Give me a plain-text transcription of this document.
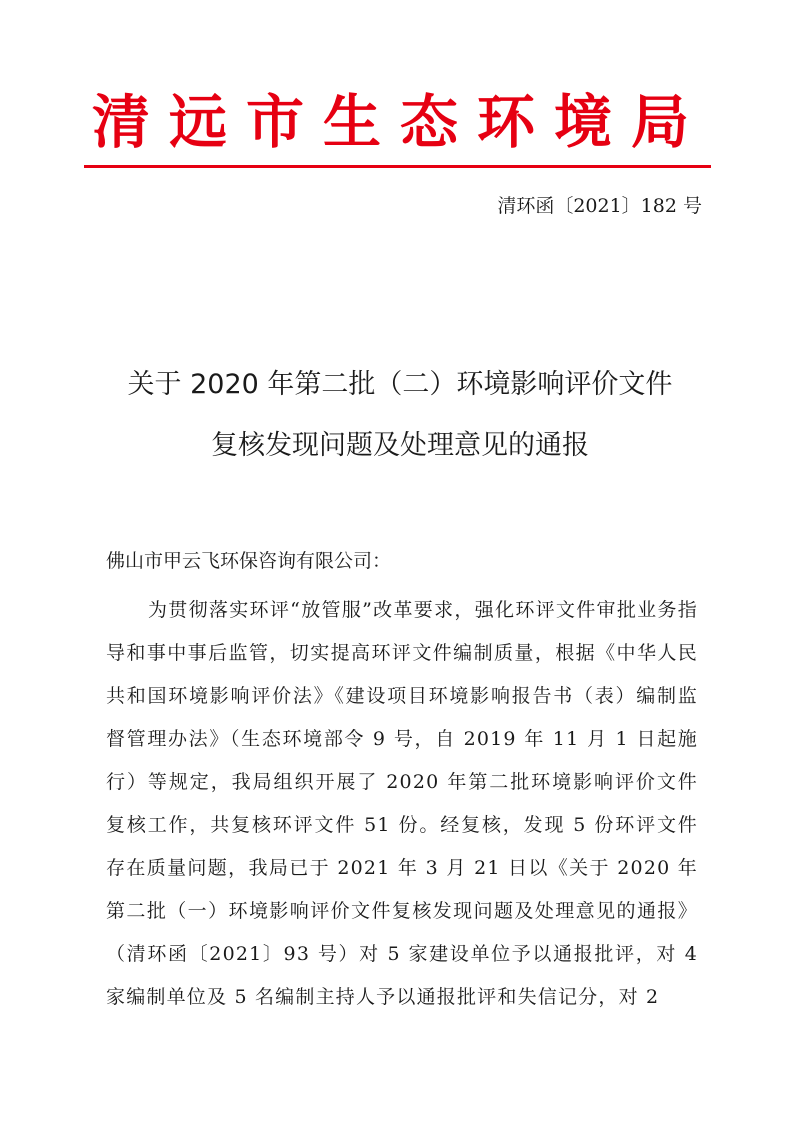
清远市生态环境局
清环函〔2021〕182 号
关于 2020 年第二批（二）环境影响评价文件
复核发现问题及处理意见的通报
佛山市甲云飞环保咨询有限公司：

为贯彻落实环评“放管服”改革要求，强化环评文件审批业务指导和事中事后监管，切实提高环评文件编制质量，根据《中华人民共和国环境影响评价法》《建设项目环境影响报告书（表）编制监督管理办法》（生态环境部令 9 号，自 2019 年 11 月 1 日起施行）等规定，我局组织开展了 2020 年第二批环境影响评价文件复核工作，共复核环评文件 51 份。经复核，发现 5 份环评文件存在质量问题，我局已于 2021 年 3 月 21 日以《关于 2020 年第二批（一）环境影响评价文件复核发现问题及处理意见的通报》（清环函〔2021〕93 号）对 5 家建设单位予以通报批评，对 4 家编制单位及 5 名编制主持人予以通报批评和失信记分，对 2
